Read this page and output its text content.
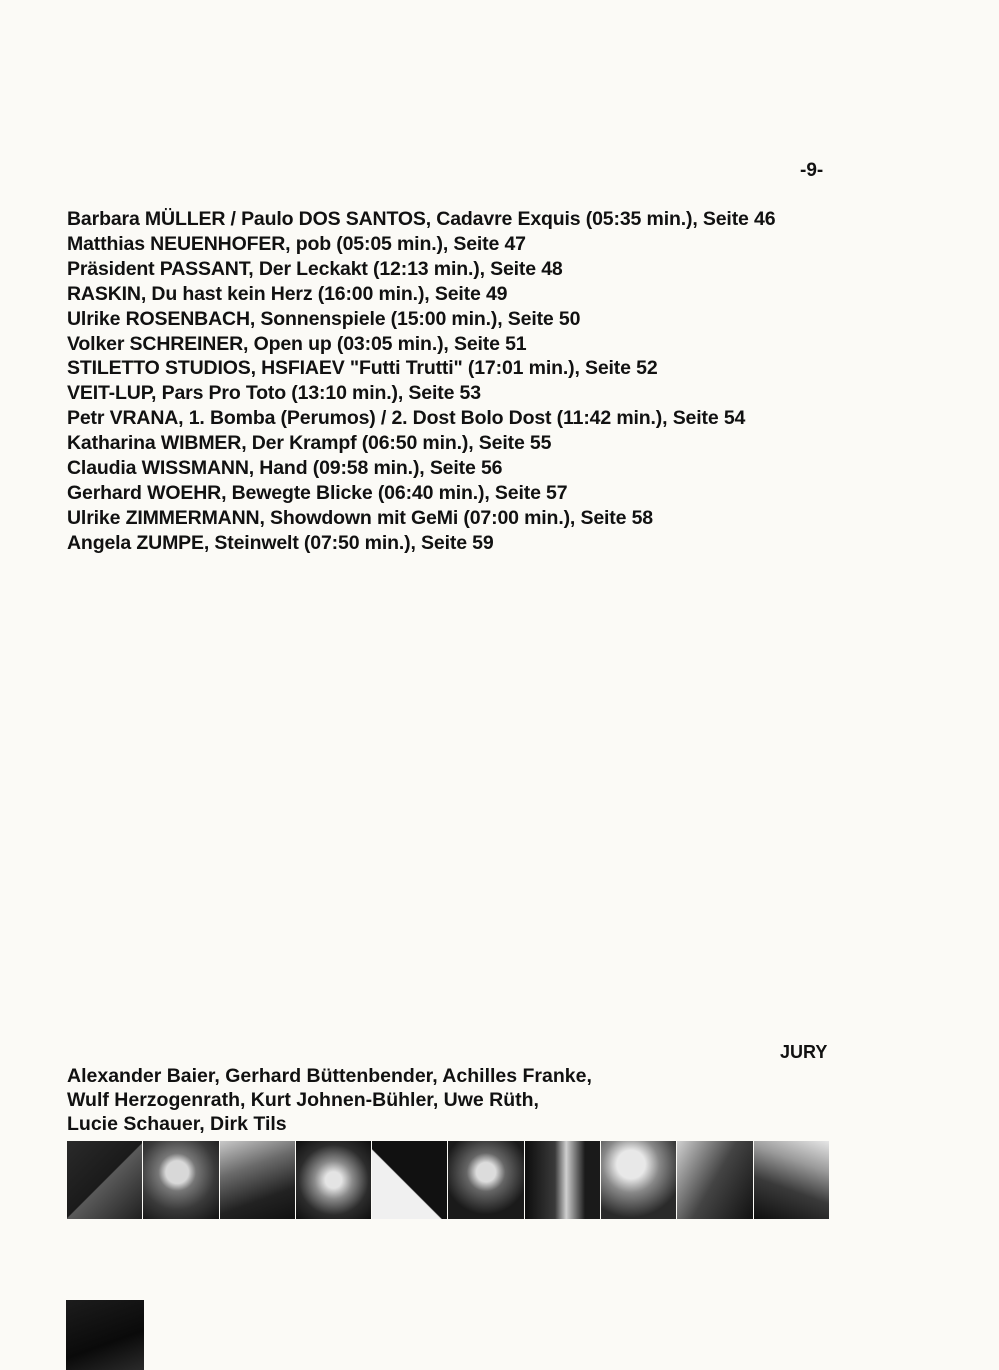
-9-
Barbara MÜLLER / Paulo DOS SANTOS, Cadavre Exquis (05:35 min.), Seite 46
Matthias NEUENHOFER, pob (05:05 min.), Seite 47
Präsident PASSANT, Der Leckakt (12:13 min.), Seite 48
RASKIN, Du hast kein Herz (16:00 min.), Seite 49
Ulrike ROSENBACH, Sonnenspiele (15:00 min.), Seite 50
Volker SCHREINER, Open up (03:05 min.), Seite 51
STILETTO STUDIOS, HSFIAEV "Futti Trutti" (17:01 min.), Seite 52
VEIT-LUP, Pars Pro Toto (13:10 min.), Seite 53
Petr VRANA, 1. Bomba (Perumos) / 2. Dost Bolo Dost (11:42 min.), Seite 54
Katharina WIBMER, Der Krampf (06:50 min.), Seite 55
Claudia WISSMANN, Hand (09:58 min.), Seite 56
Gerhard WOEHR, Bewegte Blicke (06:40 min.), Seite 57
Ulrike ZIMMERMANN, Showdown mit GeMi (07:00 min.), Seite 58
Angela ZUMPE, Steinwelt (07:50 min.), Seite 59
JURY
Alexander Baier, Gerhard Büttenbender, Achilles Franke,
Wulf Herzogenrath, Kurt Johnen-Bühler, Uwe Rüth,
Lucie Schauer, Dirk Tils
